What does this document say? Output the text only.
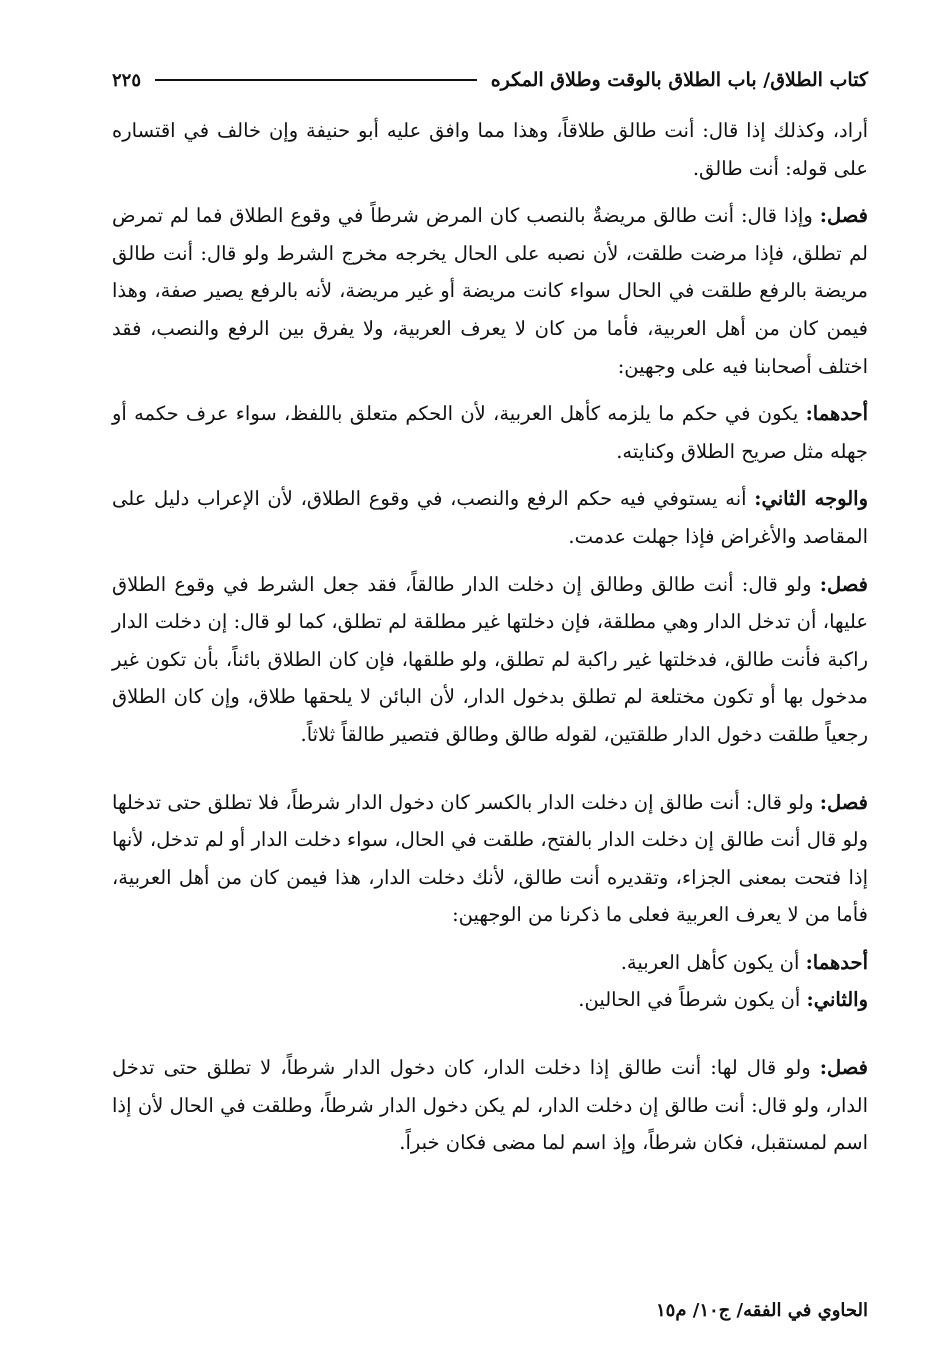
كتاب الطلاق/ باب الطلاق بالوقت وطلاق المكره
٢٢٥

أراد، وكذلك إذا قال: أنت طالق طلاقاً، وهذا مما وافق عليه أبو حنيفة وإن خالف في اقتساره على قوله: أنت طالق.

فصل: وإذا قال: أنت طالق مريضةٌ بالنصب كان المرض شرطاً في وقوع الطلاق فما لم تمرض لم تطلق، فإذا مرضت طلقت، لأن نصبه على الحال يخرجه مخرج الشرط ولو قال: أنت طالق مريضة بالرفع طلقت في الحال سواء كانت مريضة أو غير مريضة، لأنه بالرفع يصير صفة، وهذا فيمن كان من أهل العربية، فأما من كان لا يعرف العربية، ولا يفرق بين الرفع والنصب، فقد اختلف أصحابنا فيه على وجهين:

أحدهما: يكون في حكم ما يلزمه كأهل العربية، لأن الحكم متعلق باللفظ، سواء عرف حكمه أو جهله مثل صريح الطلاق وكنايته.

والوجه الثاني: أنه يستوفي فيه حكم الرفع والنصب، في وقوع الطلاق، لأن الإعراب دليل على المقاصد والأغراض فإذا جهلت عدمت.

فصل: ولو قال: أنت طالق وطالق إن دخلت الدار طالقاً، فقد جعل الشرط في وقوع الطلاق عليها، أن تدخل الدار وهي مطلقة، فإن دخلتها غير مطلقة لم تطلق، كما لو قال: إن دخلت الدار راكبة فأنت طالق، فدخلتها غير راكبة لم تطلق، ولو طلقها، فإن كان الطلاق بائناً، بأن تكون غير مدخول بها أو تكون مختلعة لم تطلق بدخول الدار، لأن البائن لا يلحقها طلاق، وإن كان الطلاق رجعياً طلقت دخول الدار طلقتين، لقوله طالق وطالق فتصير طالقاً ثلاثاً.

فصل: ولو قال: أنت طالق إن دخلت الدار بالكسر كان دخول الدار شرطاً، فلا تطلق حتى تدخلها ولو قال أنت طالق إن دخلت الدار بالفتح، طلقت في الحال، سواء دخلت الدار أو لم تدخل، لأنها إذا فتحت بمعنى الجزاء، وتقديره أنت طالق، لأنك دخلت الدار، هذا فيمن كان من أهل العربية، فأما من لا يعرف العربية فعلى ما ذكرنا من الوجهين:

أحدهما: أن يكون كأهل العربية.

والثاني: أن يكون شرطاً في الحالين.

فصل: ولو قال لها: أنت طالق إذا دخلت الدار، كان دخول الدار شرطاً، لا تطلق حتى تدخل الدار، ولو قال: أنت طالق إن دخلت الدار، لم يكن دخول الدار شرطاً، وطلقت في الحال لأن إذا اسم لمستقبل، فكان شرطاً، وإذ اسم لما مضى فكان خبراً.

الحاوي في الفقه/ ج١٠/ م١٥
